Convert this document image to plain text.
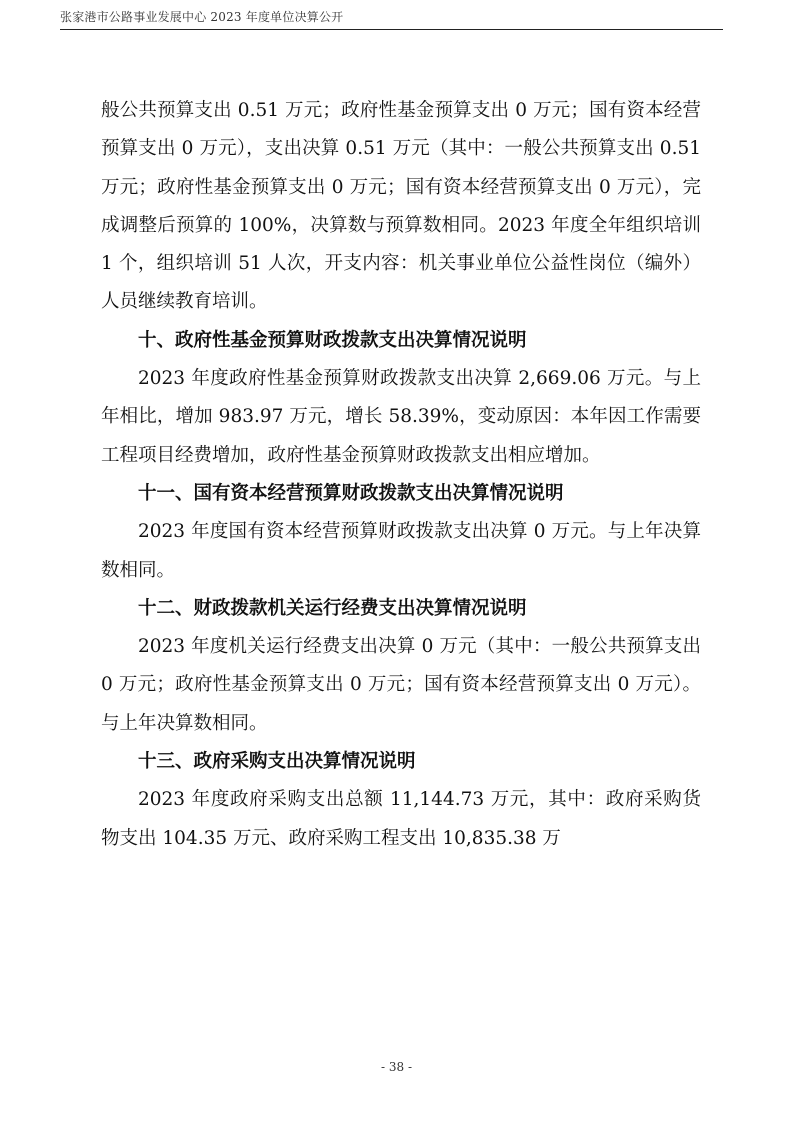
张家港市公路事业发展中心 2023 年度单位决算公开

般公共预算支出 0.51 万元；政府性基金预算支出 0 万元；国有资本经营预算支出 0 万元），支出决算 0.51 万元（其中：一般公共预算支出 0.51 万元；政府性基金预算支出 0 万元；国有资本经营预算支出 0 万元），完成调整后预算的 100%，决算数与预算数相同。2023 年度全年组织培训 1 个，组织培训 51 人次，开支内容：机关事业单位公益性岗位（编外）人员继续教育培训。

十、政府性基金预算财政拨款支出决算情况说明

2023 年度政府性基金预算财政拨款支出决算 2,669.06 万元。与上年相比，增加 983.97 万元，增长 58.39%，变动原因：本年因工作需要工程项目经费增加，政府性基金预算财政拨款支出相应增加。

十一、国有资本经营预算财政拨款支出决算情况说明

2023 年度国有资本经营预算财政拨款支出决算 0 万元。与上年决算数相同。

十二、财政拨款机关运行经费支出决算情况说明

2023 年度机关运行经费支出决算 0 万元（其中：一般公共预算支出 0 万元；政府性基金预算支出 0 万元；国有资本经营预算支出 0 万元）。与上年决算数相同。

十三、政府采购支出决算情况说明

2023 年度政府采购支出总额 11,144.73 万元，其中：政府采购货物支出 104.35 万元、政府采购工程支出 10,835.38 万

- 38 -
